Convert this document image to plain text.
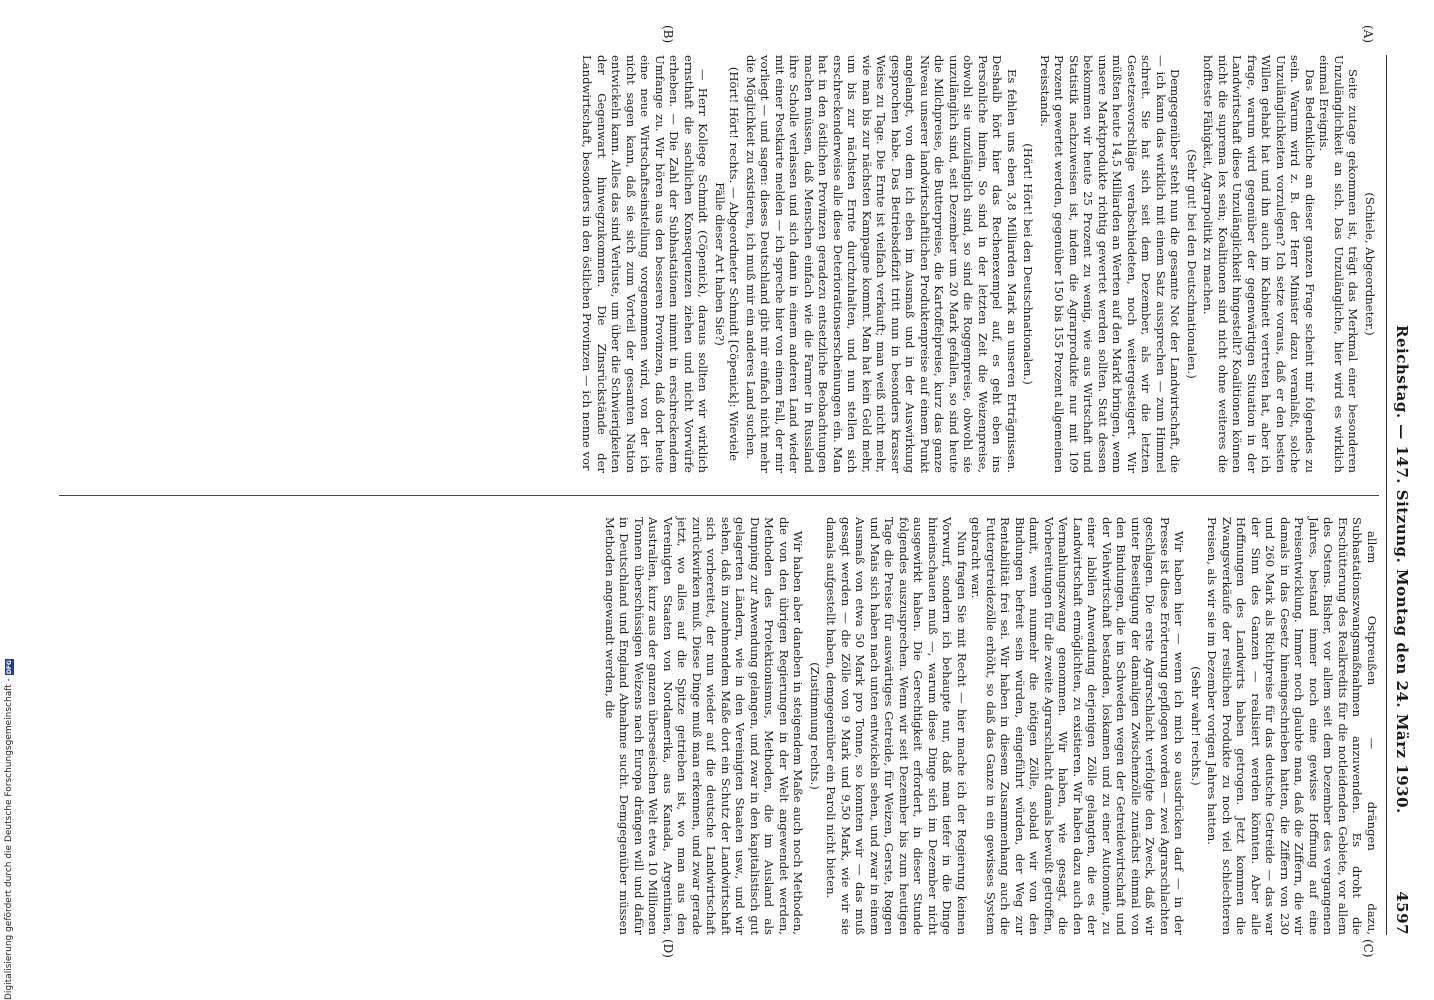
Reichstag. — 147. Sitzung. Montag den 24. März 1930.
4597

(Schiele, Abgeordneter.)

Seite zutage gekommen ist, trägt das Merkmal einer besonderen Unzulänglichkeit an sich. Das Unzulängliche, hier wird es wirklich einmal Ereignis.

Das Bedenkliche an dieser ganzen Frage scheint mir folgendes zu sein. Warum wird z. B. der Herr Minister dazu veranlaßt, solche Unzulänglichkeiten vorzulegen? Ich setze voraus, daß er den besten Willen gehabt hat und ihn auch im Kabinett vertreten hat, aber ich frage, warum wird gegenüber der gegenwärtigen Situation in der Landwirtschaft diese Unzulänglichkeit hingestellt? Koalitionen können nicht die suprema lex sein; Koalitionen sind nicht ohne weiteres die hoffteste Fähigkeit, Agrarpolitik zu machen.

(Sehr gut! bei den Deutschnationalen.)

Demgegenüber steht nun die gesamte Not der Landwirtschaft, die — ich kann das wirklich mit einem Satz aussprechen — zum Himmel schreit. Sie hat sich seit dem Dezember, als wir die letzten Gesetzesvorschläge verabschiedeten, noch weitergesteigert. Wir müßten heute 14,5 Milliarden an Werten auf den Markt bringen, wenn unsere Marktprodukte richtig gewertet werden sollten. Statt dessen bekommen wir heute 25 Prozent zu wenig, wie aus Wirtschaft und Statistik nachzuweisen ist, indem die Agrarprodukte nur mit 109 Prozent gewertet werden, gegenüber 150 bis 155 Prozent allgemeinen Preisstands.

(Hört! Hört! bei den Deutschnationalen.)

Es fehlen uns eben 3,8 Milliarden Mark an unseren Erträgnissen. Deshalb hört hier das Rechenexempel auf, es geht eben ins Persönliche hinein. So sind in der letzten Zeit die Weizenpreise, obwohl sie unzulänglich sind, so sind die Roggenpreise, obwohl sie unzulänglich sind, seit Dezember um 20 Mark gefallen, so sind heute die Milchpreise, die Butterpreise, die Kartoffelpreise, kurz das ganze Niveau unserer landwirtschaftlichen Produktenpreise auf einem Punkt angelangt, von dem ich eben im Ausmaß und in der Auswirkung gesprochen habe. Das Betriebsdefizit tritt nun in besonders krasser Weise zu Tage. Die Ernte ist vielfach verkauft; man weiß nicht mehr, wie man bis zur nächsten Kampagne kommt. Man hat kein Geld mehr, um bis zur nächsten Ernte durchzuhalten, und nun stellen sich erschreckenderweise alle diese Deteriorationserscheinungen ein. Man hat in den östlichen Provinzen geradezu entsetzliche Beobachtungen machen müssen, daß Menschen einfach wie die Farmer in Russland ihre Scholle verlassen und sich dann in einem anderen Land wieder mit einer Postkarte melden — ich spreche hier von einem Fall, der mir vorliegt — und sagen: dieses Deutschland gibt mir einfach nicht mehr die Möglichkeit zu existieren, ich muß mir ein anderes Land suchen.

(Hört! Hört! rechts. — Abgeordneter Schmidt [Cöpenick]: Wieviele Fälle dieser Art haben Sie?)

— Herr Kollege Schmidt (Cöpenick), daraus sollten wir wirklich ernsthaft die sachlichen Konsequenzen ziehen und nicht Vorwürfe erheben. — Die Zahl der Subhastationen nimmt in erschreckendem Umfange zu. Wir hören aus den besseren Provinzen, daß dort heute eine neue Wirtschaftseinstellung vorgenommen wird, von der ich nicht sagen kann, daß sie sich zum Vorteil der gesamten Nation entwickeln kann. Alles das sind Verluste, um über die Schwierigkeiten der Gegenwart hinwegzukommen. Die Zinsrückstände der Landwirtschaft, besonders in den östlichen Provinzen — ich nenne vor

allem Ostpreußen — drängen dazu, Subhastationszwangsmaßnahmen anzuwenden. Es droht die Erschütterung des Realkredits für die notleidenden Gebiete, vor allem des Ostens. Bisher, vor allem seit dem Dezember des vergangenen Jahres, bestand immer noch eine gewisse Hoffnung auf eine Preisentwicklung. Immer noch glaubte man, daß die Ziffern, die wir damals in das Gesetz hineingeschrieben hatten, die Ziffern von 230 und 260 Mark als Richtpreise für das deutsche Getreide — das war der Sinn des Ganzen — realisiert werden könnten. Aber alle Hoffnungen des Landwirts haben getrogen. Jetzt kommen die Zwangsverkäufe der restlichen Produkte zu noch viel schlechteren Preisen, als wir sie im Dezember vorigen Jahres hatten.

(Sehr wahr! rechts.)

Wir haben hier — wenn ich mich so ausdrücken darf — in der Presse ist diese Erörterung gepflogen worden — zwei Agrarschlachten geschlagen. Die erste Agrarschlacht verfolgte den Zweck, daß wir unter Beseitigung der damaligen Zwischenzölle zunächst einmal von den Bindungen, die im Schweden wegen der Getreidewirtschaft und der Viehwirtschaft bestanden, loskamen und zu einer Autonomie, zu einer labilen Anwendung derjenigen Zölle gelangten, die es der Landwirtschaft ermöglichten, zu existieren. Wir haben dazu auch den Vermahlungszwang genommen. Wir haben, wie gesagt, die Vorbereitungen für die zweite Agrarschlacht damals bewußt getroffen, damit, wenn nunmehr die nötigen Zölle, sobald wir von den Bindungen befreit sein würden, eingeführt würden, der Weg zur Rentabilität frei sei. Wir haben in diesem Zusammenhang auch die Futtergetreidezölle erhöht, so daß das Ganze in ein gewisses System gebracht war.

Nun fragen Sie mit Recht — hier mache ich der Regierung keinen Vorwurf, sondern ich behaupte nur, daß man tiefer in die Dinge hineinschauen muß —, warum diese Dinge sich im Dezember nicht ausgewirkt haben. Die Gerechtigkeit erfordert, in dieser Stunde folgendes auszusprechen. Wenn wir seit Dezember bis zum heutigen Tage die Preise für auswärtiges Getreide, für Weizen, Gerste, Roggen und Mais sich haben nach unten entwickeln sehen, und zwar in einem Ausmaß von etwa 50 Mark pro Tonne, so konnten wir — das muß gesagt werden — die Zölle von 9 Mark und 9,50 Mark, wie wir sie damals aufgestellt haben, demgegenüber ein Paroli nicht bieten.

(Zustimmung rechts.)

Wir haben aber daneben in steigendem Maße auch noch Methoden, die von den übrigen Regierungen in der Welt angewendet werden, Methoden des Protektionismus, Methoden, die im Ausland als Dumping zur Anwendung gelangen, und zwar in den kapitalistisch gut gelagerten Ländern, wie in den Vereinigten Staaten usw., und wir sehen, daß in zunehmendem Maße dort ein Schutz der Landwirtschaft sich vorbereitet, der nun wieder auf die deutsche Landwirtschaft zurückwirken muß. Diese Dinge muß man erkennen, und zwar gerade jetzt, wo alles auf die Spitze getrieben ist, wo man aus den Vereinigten Staaten von Nordamerika, aus Kanada, Argentinien, Australien, kurz aus der ganzen überseeischen Welt etwa 10 Millionen Tonnen überschüssigen Weizens nach Europa drängen will und dafür in Deutschland und England Abnahme sucht. Demgegenüber müssen Methoden angewandt werden, die

(A)
(B)
(C)
(D)
Digitalisierung gefördert durch die Deutsche Forschungsgemeinschaft -
DFG
